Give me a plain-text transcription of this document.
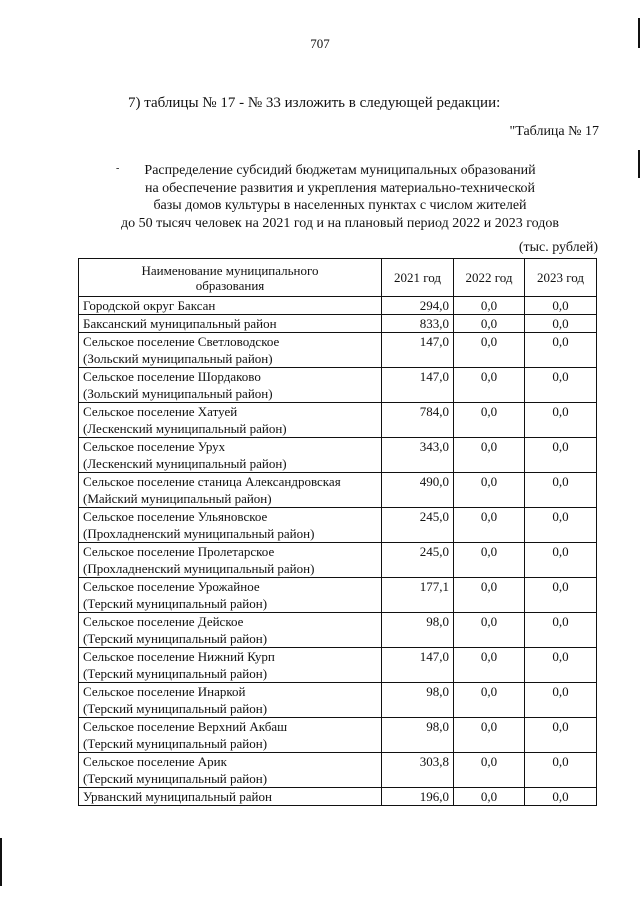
707
7) таблицы № 17 - № 33 изложить в следующей редакции:
"Таблица № 17
-	Распределение субсидий бюджетам муниципальных образований
на обеспечение развития и укрепления материально-технической
базы домов культуры в населенных пунктах с числом жителей
до 50 тысяч человек на 2021 год и на плановый период 2022 и 2023 годов
(тыс. рублей)
Наименование муниципального
образования	2021 год	2022 год	2023 год

Городской округ Баксан	294,0	0,0	0,0

Баксанский муниципальный район	833,0	0,0	0,0

Сельское поселение Светловодское
(Зольский муниципальный район)	147,0	0,0	0,0

Сельское поселение Шордаково
(Зольский муниципальный район)	147,0	0,0	0,0

Сельское поселение Хатуей
(Лескенский муниципальный район)	784,0	0,0	0,0

Сельское поселение Урух
(Лескенский муниципальный район)	343,0	0,0	0,0

Сельское поселение станица Александровская
(Майский муниципальный район)	490,0	0,0	0,0

Сельское поселение Ульяновское
(Прохладненский муниципальный район)	245,0	0,0	0,0

Сельское поселение Пролетарское
(Прохладненский муниципальный район)	245,0	0,0	0,0

Сельское поселение Урожайное
(Терский муниципальный район)	177,1	0,0	0,0

Сельское поселение Дейское
(Терский муниципальный район)	98,0	0,0	0,0

Сельское поселение Нижний Курп
(Терский муниципальный район)	147,0	0,0	0,0

Сельское поселение Инаркой
(Терский муниципальный район)	98,0	0,0	0,0

Сельское поселение Верхний Акбаш
(Терский муниципальный район)	98,0	0,0	0,0

Сельское поселение Арик
(Терский муниципальный район)	303,8	0,0	0,0

Урванский муниципальный район	196,0	0,0	0,0
